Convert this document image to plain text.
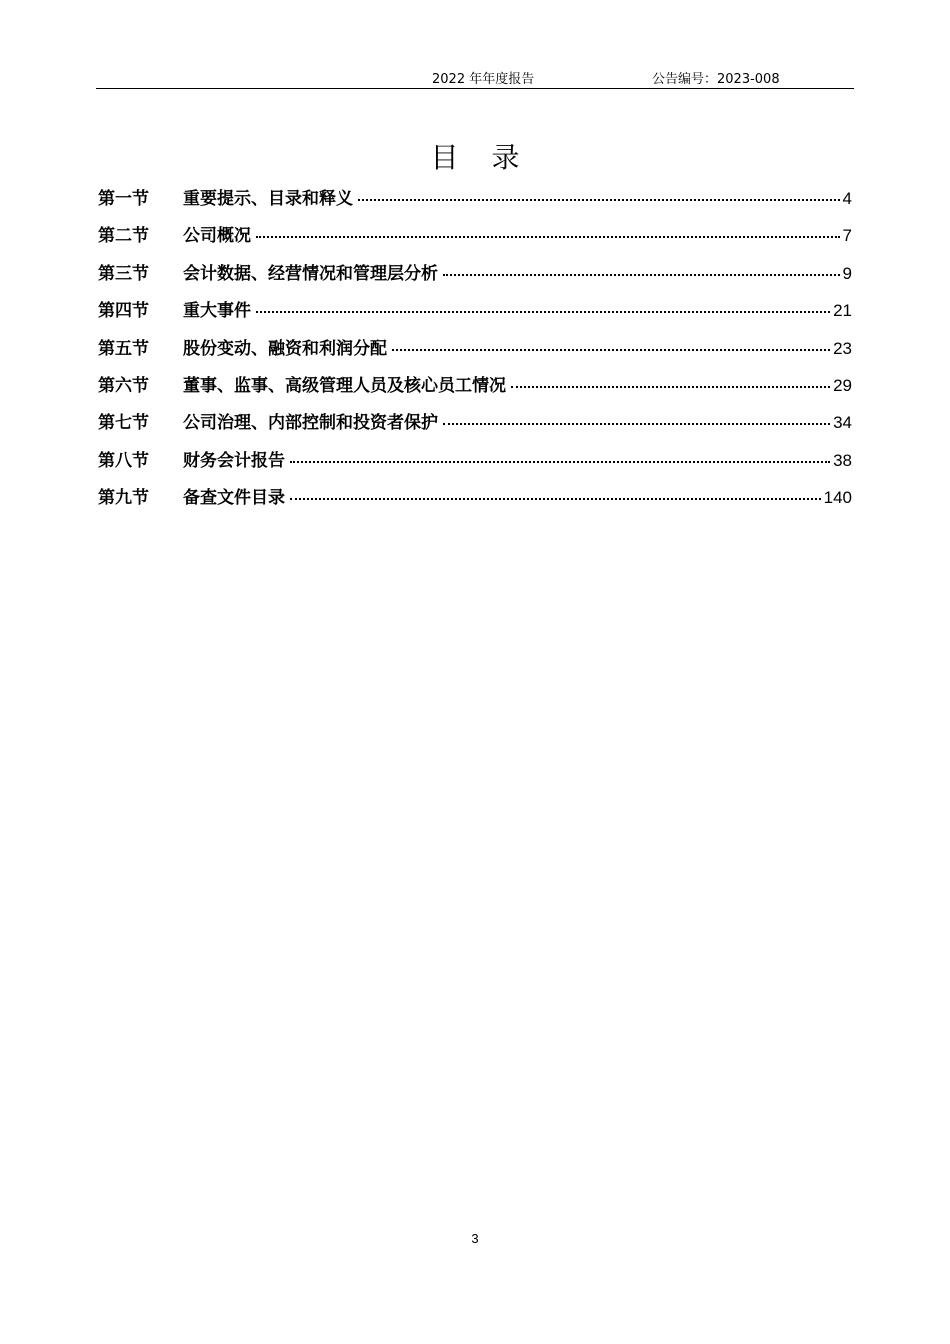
2022 年年度报告	公告编号：2023-008
目 录
第一节	重要提示、目录和释义	4
第二节	公司概况	7
第三节	会计数据、经营情况和管理层分析	9
第四节	重大事件	21
第五节	股份变动、融资和利润分配	23
第六节	董事、监事、高级管理人员及核心员工情况	29
第七节	公司治理、内部控制和投资者保护	34
第八节	财务会计报告	38
第九节	备查文件目录	140
3
